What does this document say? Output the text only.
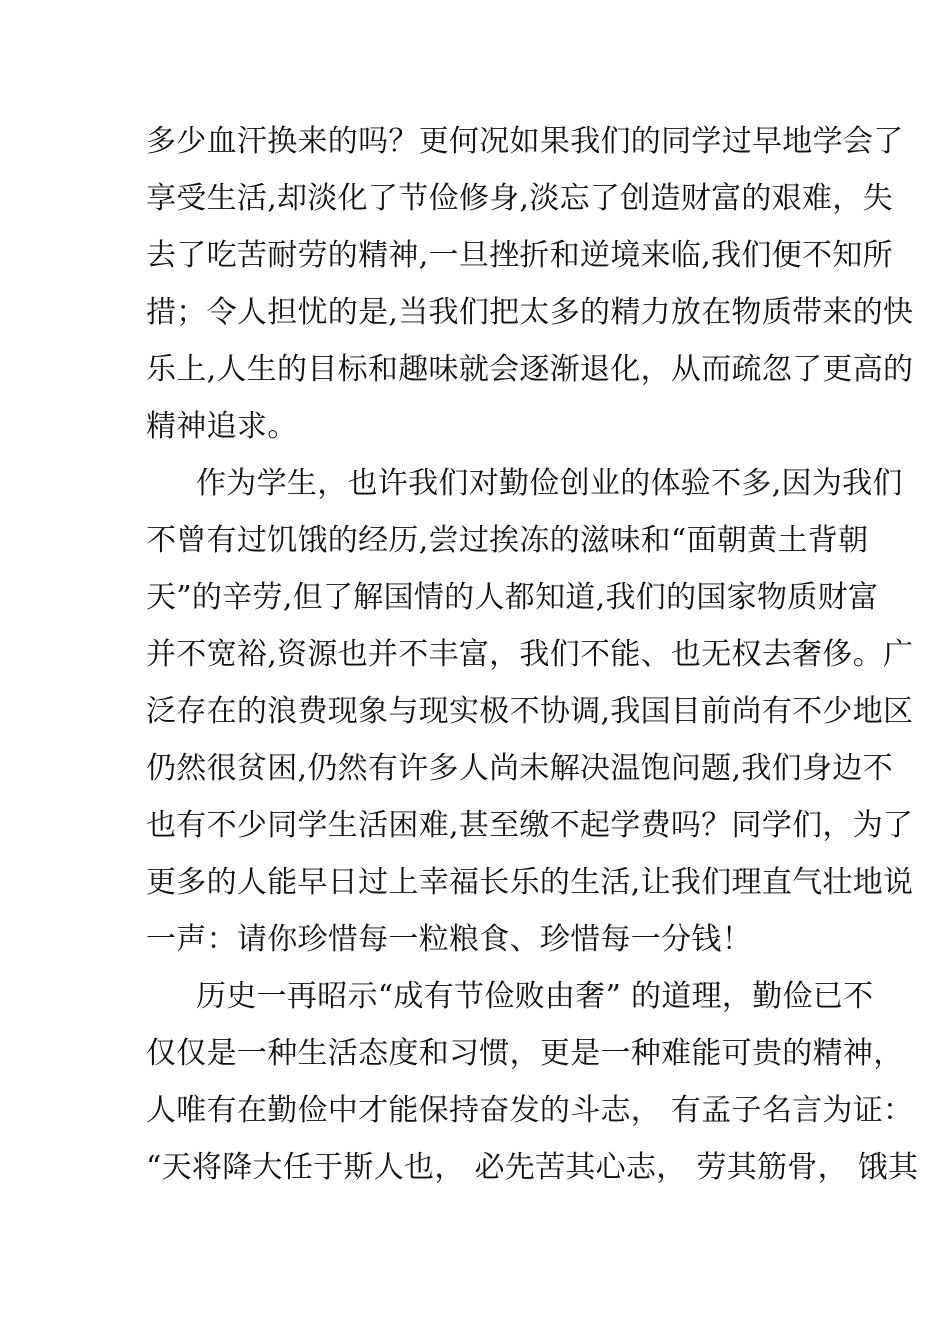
多少血汗换来的吗？更何况如果我们的同学过早地学会了
享受生活,却淡化了节俭修身,淡忘了创造财富的艰难，失
去了吃苦耐劳的精神,一旦挫折和逆境来临,我们便不知所
措；令人担忧的是,当我们把太多的精力放在物质带来的快
乐上,人生的目标和趣味就会逐渐退化，从而疏忽了更高的
精神追求。
作为学生，也许我们对勤俭创业的体验不多,因为我们
不曾有过饥饿的经历,尝过挨冻的滋味和“面朝黄土背朝
天”的辛劳,但了解国情的人都知道,我们的国家物质财富
并不宽裕,资源也并不丰富，我们不能、也无权去奢侈。广
泛存在的浪费现象与现实极不协调,我国目前尚有不少地区
仍然很贫困,仍然有许多人尚未解决温饱问题,我们身边不
也有不少同学生活困难,甚至缴不起学费吗？同学们，为了
更多的人能早日过上幸福长乐的生活,让我们理直气壮地说
一声：请你珍惜每一粒粮食、珍惜每一分钱！
历史一再昭示“成有节俭败由奢” 的道理，勤俭已不
仅仅是一种生活态度和习惯，更是一种难能可贵的精神，
人唯有在勤俭中才能保持奋发的斗志， 有孟子名言为证：
“天将降大任于斯人也， 必先苦其心志， 劳其筋骨， 饿其
